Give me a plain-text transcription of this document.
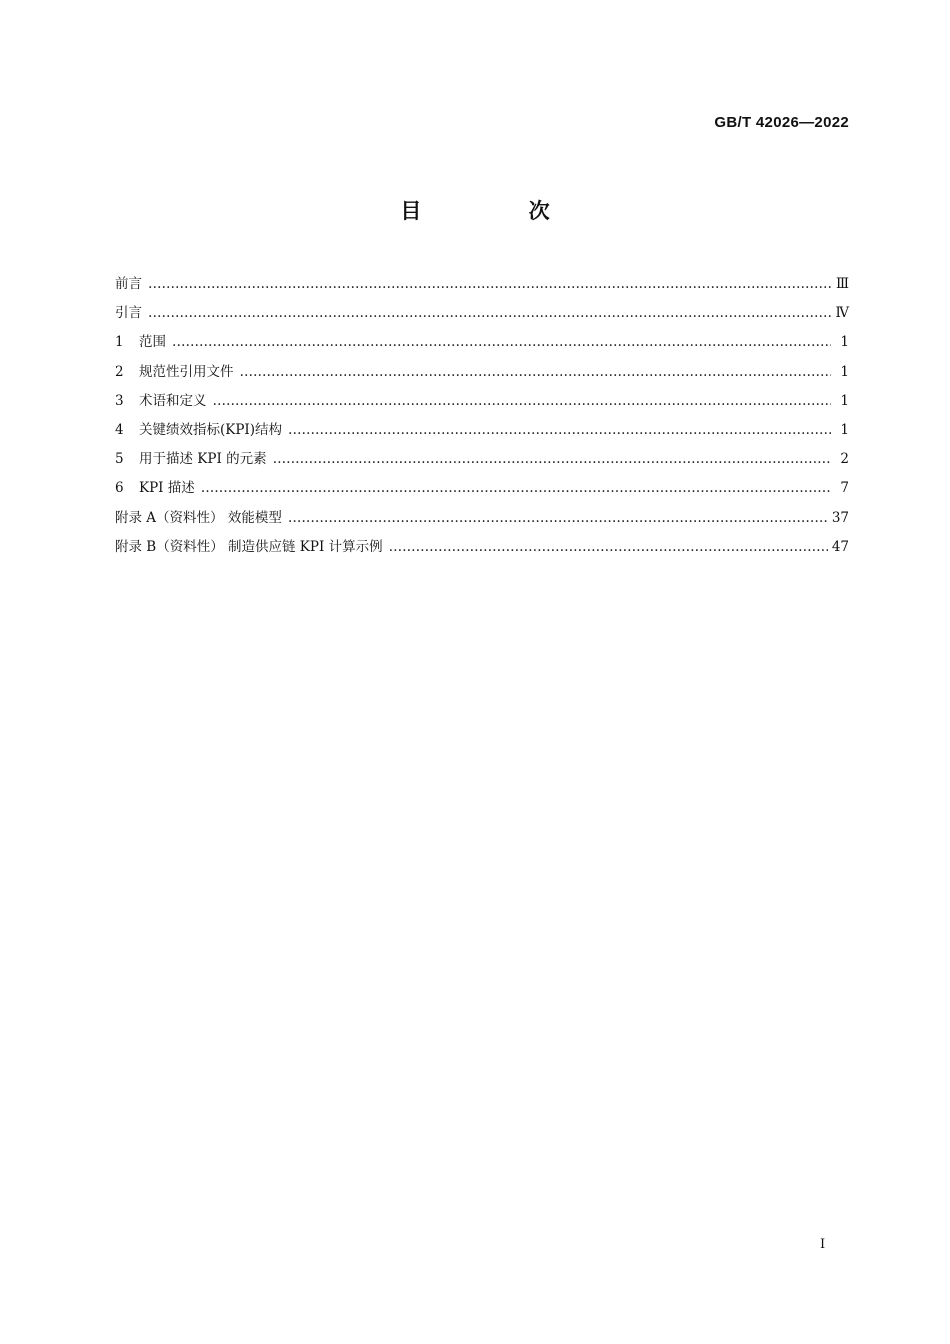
GB/T 42026—2022
目 次
前言 ……………………………………………………………………………………………………………………………………………………………………………………………………………………	Ⅲ
引言 ……………………………………………………………………………………………………………………………………………………………………………………………………………………	Ⅳ
1	范围 ……………………………………………………………………………………………………………………………………………………………………………………………………………………	1
2	规范性引用文件 ……………………………………………………………………………………………………………………………………………………………………………………………………………………	1
3	术语和定义 ……………………………………………………………………………………………………………………………………………………………………………………………………………………	1
4	关键绩效指标(KPI)结构 ……………………………………………………………………………………………………………………………………………………………………………………………………………………	1
5	用于描述 KPI 的元素 ……………………………………………………………………………………………………………………………………………………………………………………………………………………	2
6	KPI 描述 ……………………………………………………………………………………………………………………………………………………………………………………………………………………	7
附录 A（资料性） 效能模型 ……………………………………………………………………………………………………………………………………………………………………………………………………………………	37
附录 B（资料性） 制造供应链 KPI 计算示例 ……………………………………………………………………………………………………………………………………………………………………………………………………………………	47
I
